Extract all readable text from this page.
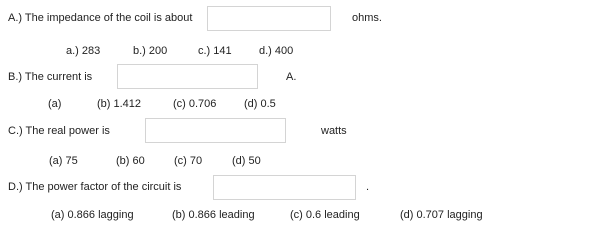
A.) The impedance of the coil is about	ohms.
a.) 283	b.) 200	c.) 141 d.) 400
B.) The current is	A.
(a)	(b) 1.412	(c) 0.706	(d) 0.5
C.) The real power is	watts
(a) 75	(b) 60	(c) 70	(d) 50
D.) The power factor of the circuit is	.
(a) 0.866 lagging	(b) 0.866 leading	(c) 0.6 leading	(d) 0.707 lagging
